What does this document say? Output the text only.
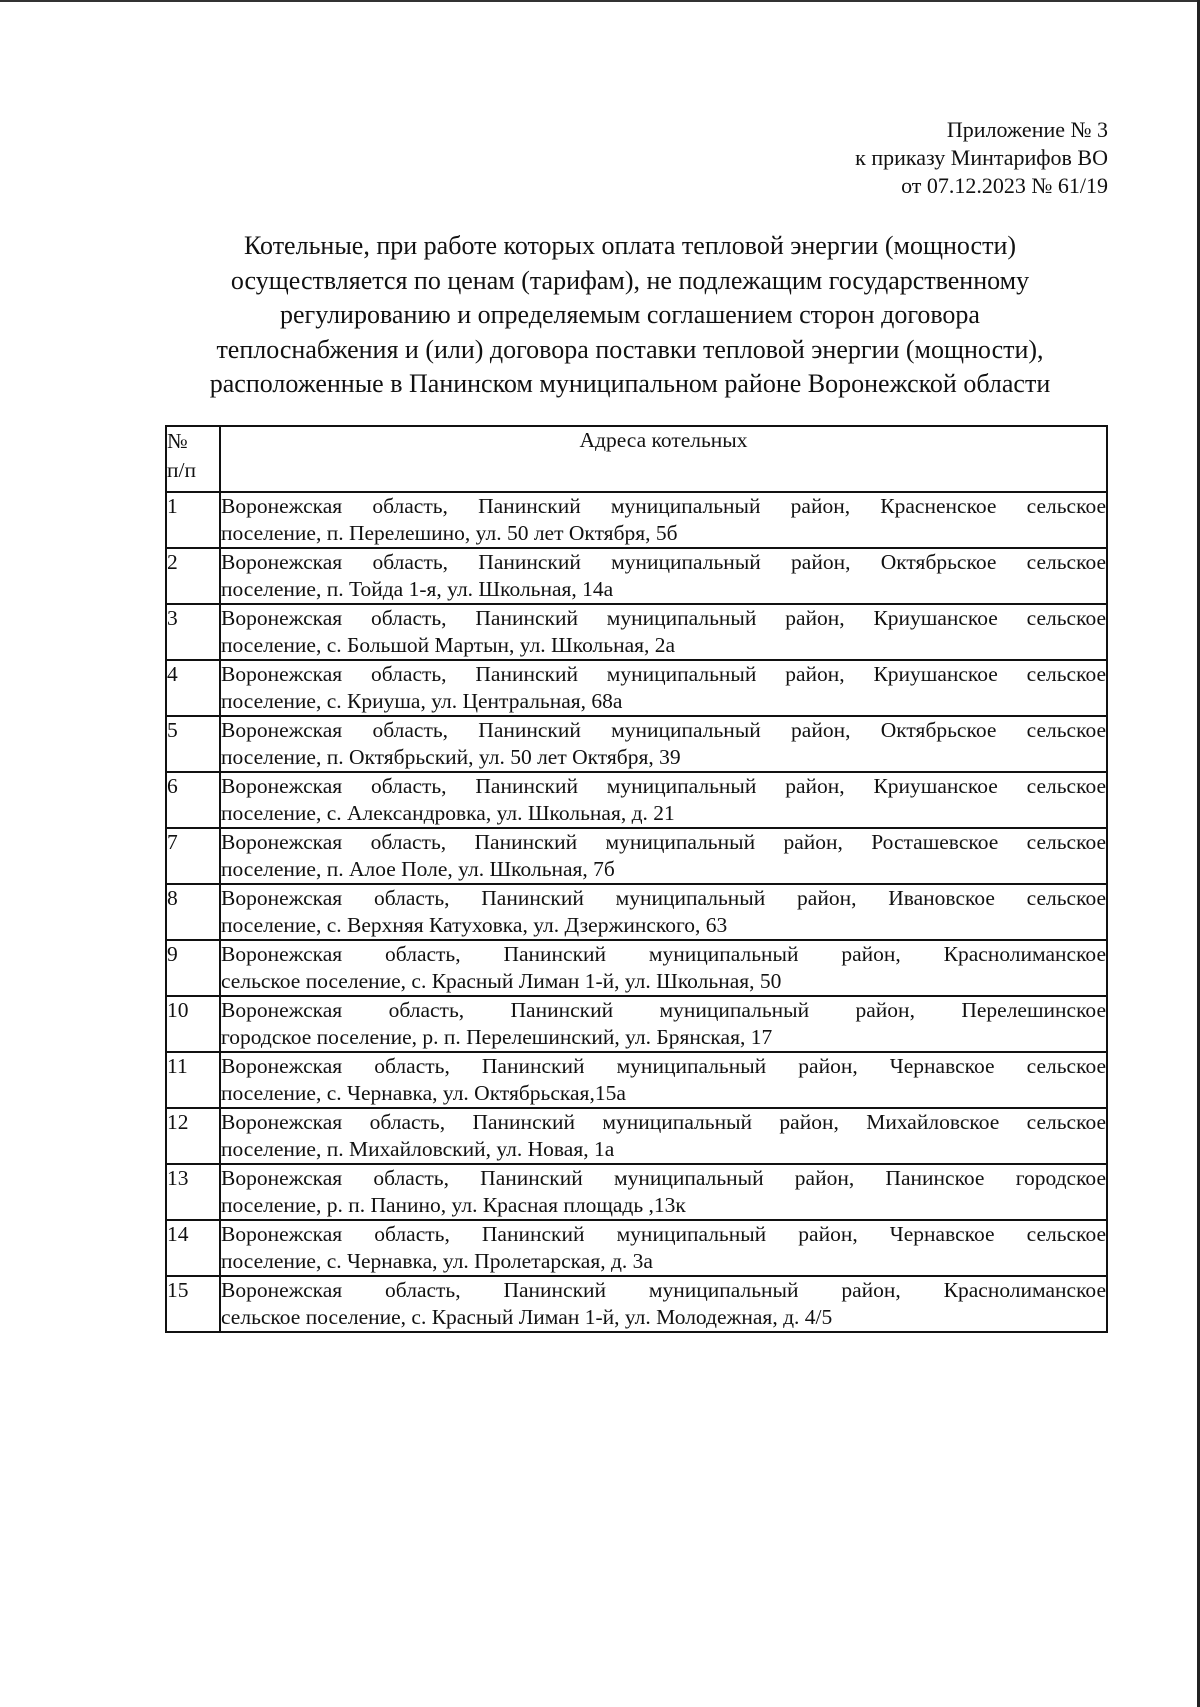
Приложение № 3
к приказу Минтарифов ВО
от 07.12.2023 № 61/19
Котельные, при работе которых оплата тепловой энергии (мощности)
осуществляется по ценам (тарифам), не подлежащим государственному
регулированию и определяемым соглашением сторон договора
теплоснабжения и (или) договора поставки тепловой энергии (мощности),
расположенные в Панинском муниципальном районе Воронежской области
№
п/п	Адреса котельных
1	Воронежская область, Панинский муниципальный район, Красненское сельское
поселение, п. Перелешино, ул. 50 лет Октября, 5б

2	Воронежская область, Панинский муниципальный район, Октябрьское сельское
поселение, п. Тойда 1-я, ул. Школьная, 14а

3	Воронежская область, Панинский муниципальный район, Криушанское сельское
поселение, с. Большой Мартын, ул. Школьная, 2а

4	Воронежская область, Панинский муниципальный район, Криушанское сельское
поселение, с. Криуша, ул. Центральная, 68а

5	Воронежская область, Панинский муниципальный район, Октябрьское сельское
поселение, п. Октябрьский, ул. 50 лет Октября, 39

6	Воронежская область, Панинский муниципальный район, Криушанское сельское
поселение, с. Александровка, ул. Школьная, д. 21

7	Воронежская область, Панинский муниципальный район, Росташевское сельское
поселение, п. Алое Поле, ул. Школьная, 7б

8	Воронежская область, Панинский муниципальный район, Ивановское сельское
поселение, с. Верхняя Катуховка, ул. Дзержинского, 63

9	Воронежская область, Панинский муниципальный район, Краснолиманское
сельское поселение, с. Красный Лиман 1-й, ул. Школьная, 50

10	Воронежская область, Панинский муниципальный район, Перелешинское
городское поселение, р. п. Перелешинский, ул. Брянская, 17

11	Воронежская область, Панинский муниципальный район, Чернавское сельское
поселение, с. Чернавка, ул. Октябрьская,15а

12	Воронежская область, Панинский муниципальный район, Михайловское сельское
поселение, п. Михайловский, ул. Новая, 1а

13	Воронежская область, Панинский муниципальный район, Панинское городское
поселение, р. п. Панино, ул. Красная площадь ,13к

14	Воронежская область, Панинский муниципальный район, Чернавское сельское
поселение, с. Чернавка, ул. Пролетарская, д. 3а

15	Воронежская область, Панинский муниципальный район, Краснолиманское
сельское поселение, с. Красный Лиман 1-й, ул. Молодежная, д. 4/5
